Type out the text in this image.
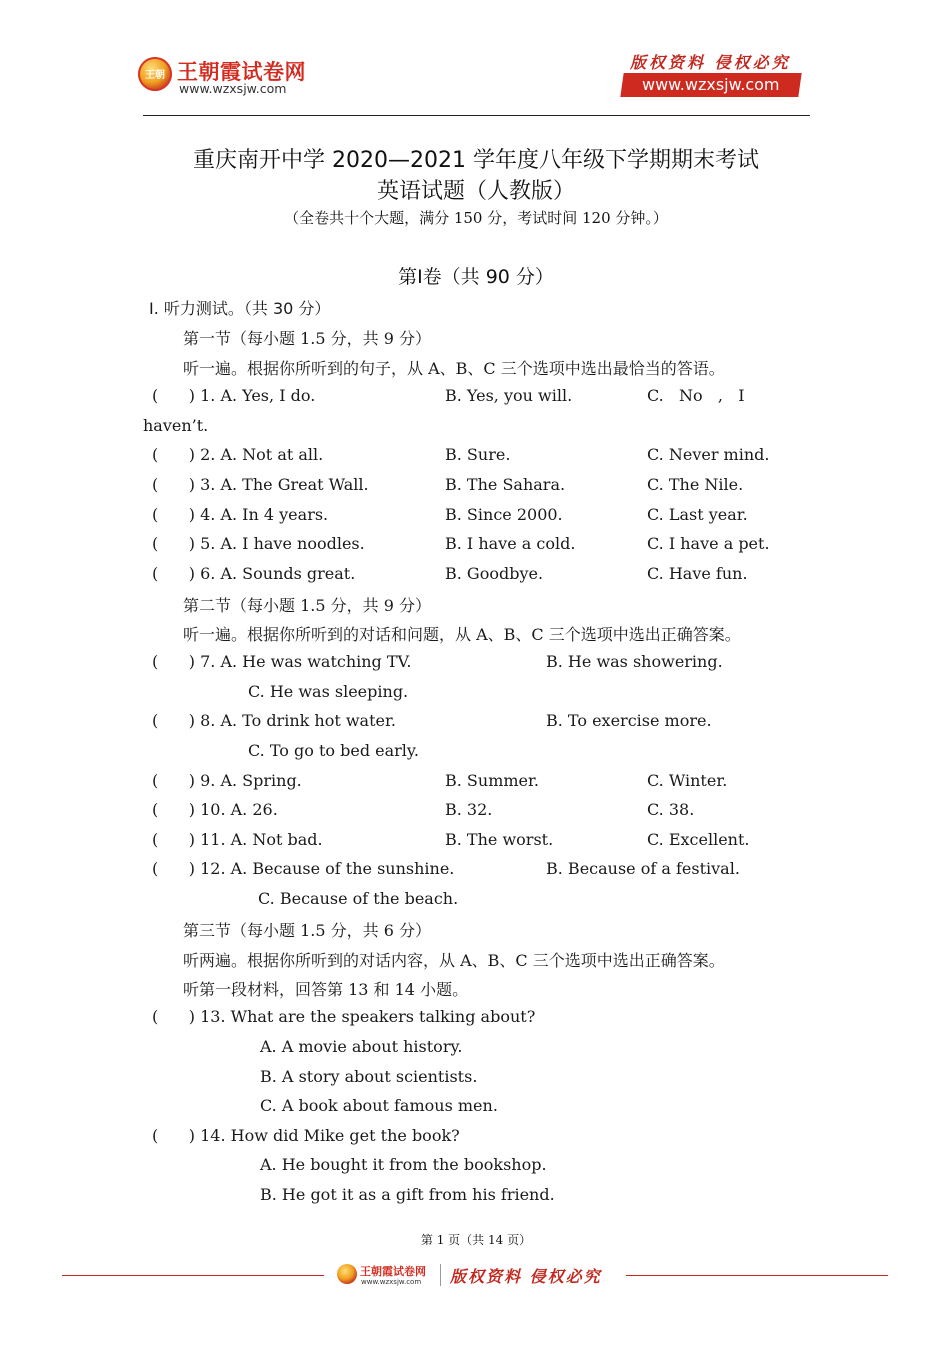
王朝 王朝霞试卷网
www.wzxsjw.com
版权资料 侵权必究
www.wzxsjw.com
重庆南开中学 2020—2021 学年度八年级下学期期末考试
英语试题（人教版）
（全卷共十个大题，满分 150 分，考试时间 120 分钟。）
第Ⅰ卷（共 90 分）
Ⅰ. 听力测试。（共 30 分）
第一节（每小题 1.5 分，共 9 分）
听一遍。根据你所听到的句子，从 A、B、C 三个选项中选出最恰当的答语。
(      ) 1. A. Yes, I do.	B. Yes, you will.	C.   No   ,   I
haven’t.
(      ) 2. A. Not at all.	B. Sure.	C. Never mind.
(      ) 3. A. The Great Wall.	B. The Sahara.	C. The Nile.
(      ) 4. A. In 4 years.	B. Since 2000.	C. Last year.
(      ) 5. A. I have noodles.	B. I have a cold.	C. I have a pet.
(      ) 6. A. Sounds great.	B. Goodbye.	C. Have fun.
第二节（每小题 1.5 分，共 9 分）
听一遍。根据你所听到的对话和问题，从 A、B、C 三个选项中选出正确答案。
(      ) 7. A. He was watching TV.	B. He was showering.
C. He was sleeping.
(      ) 8. A. To drink hot water.	B. To exercise more.
C. To go to bed early.
(      ) 9. A. Spring.	B. Summer.	C. Winter.
(      ) 10. A. 26.	B. 32.	C. 38.
(      ) 11. A. Not bad.	B. The worst.	C. Excellent.
(      ) 12. A. Because of the sunshine.	B. Because of a festival.
C. Because of the beach.
第三节（每小题 1.5 分，共 6 分）
听两遍。根据你所听到的对话内容，从 A、B、C 三个选项中选出正确答案。
听第一段材料，回答第 13 和 14 小题。
(      ) 13. What are the speakers talking about?
A. A movie about history.
B. A story about scientists.
C. A book about famous men.
(      ) 14. How did Mike get the book?
A. He bought it from the bookshop.
B. He got it as a gift from his friend.
第 1 页（共 14 页）
王朝霞试卷网
www.wzxsjw.com 版权资料 侵权必究
